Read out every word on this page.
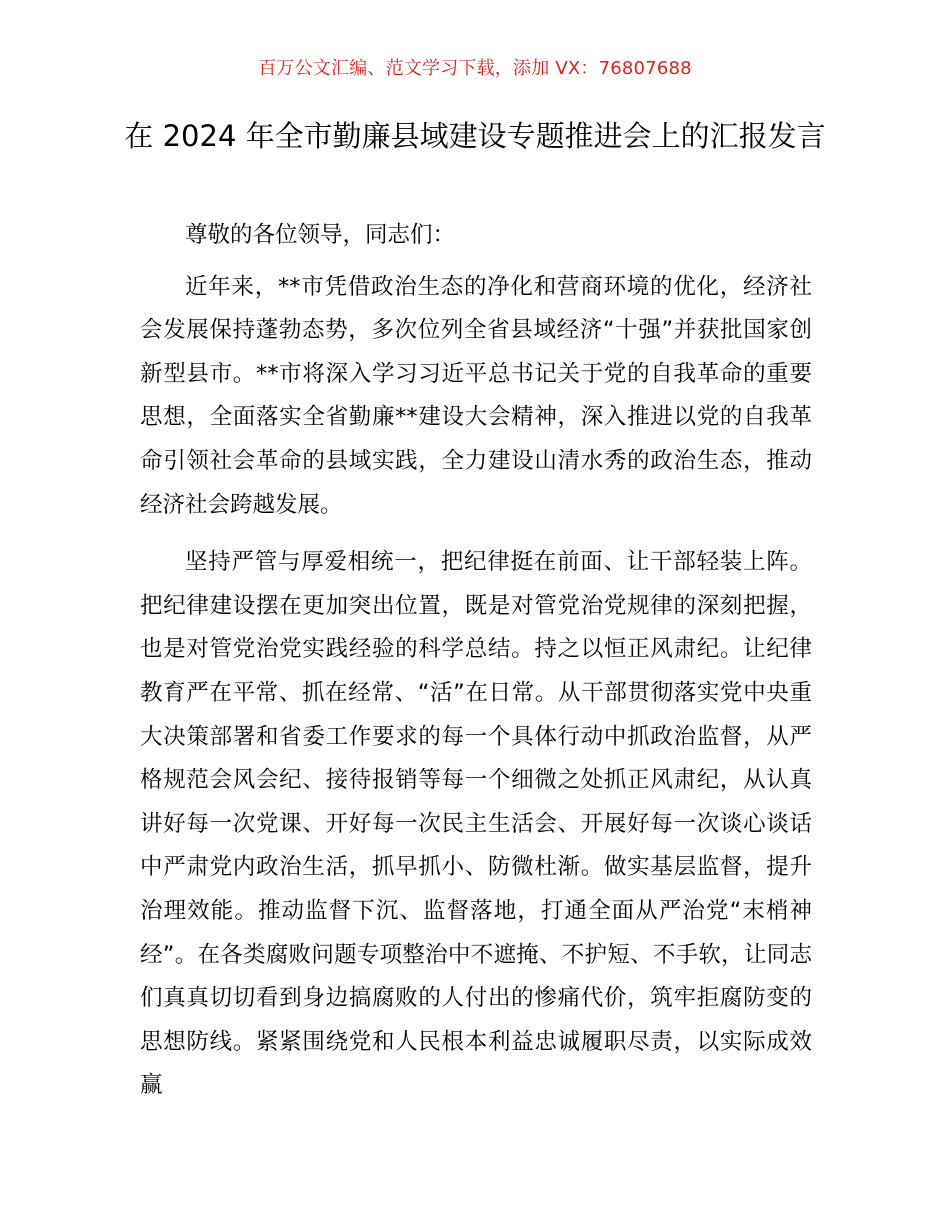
百万公文汇编、范文学习下载，添加 VX：76807688
在 2024 年全市勤廉县域建设专题推进会上的汇报发言

尊敬的各位领导，同志们：

近年来，**市凭借政治生态的净化和营商环境的优化，经济社会发展保持蓬勃态势，多次位列全省县域经济“十强”并获批国家创新型县市。**市将深入学习习近平总书记关于党的自我革命的重要思想，全面落实全省勤廉**建设大会精神，深入推进以党的自我革命引领社会革命的县域实践，全力建设山清水秀的政治生态，推动经济社会跨越发展。

坚持严管与厚爱相统一，把纪律挺在前面、让干部轻装上阵。把纪律建设摆在更加突出位置，既是对管党治党规律的深刻把握，也是对管党治党实践经验的科学总结。持之以恒正风肃纪。让纪律教育严在平常、抓在经常、“活”在日常。从干部贯彻落实党中央重大决策部署和省委工作要求的每一个具体行动中抓政治监督，从严格规范会风会纪、接待报销等每一个细微之处抓正风肃纪，从认真讲好每一次党课、开好每一次民主生活会、开展好每一次谈心谈话中严肃党内政治生活，抓早抓小、防微杜渐。做实基层监督，提升治理效能。推动监督下沉、监督落地，打通全面从严治党“末梢神经”。在各类腐败问题专项整治中不遮掩、不护短、不手软，让同志们真真切切看到身边搞腐败的人付出的惨痛代价，筑牢拒腐防变的思想防线。紧紧围绕党和人民根本利益忠诚履职尽责，以实际成效赢
